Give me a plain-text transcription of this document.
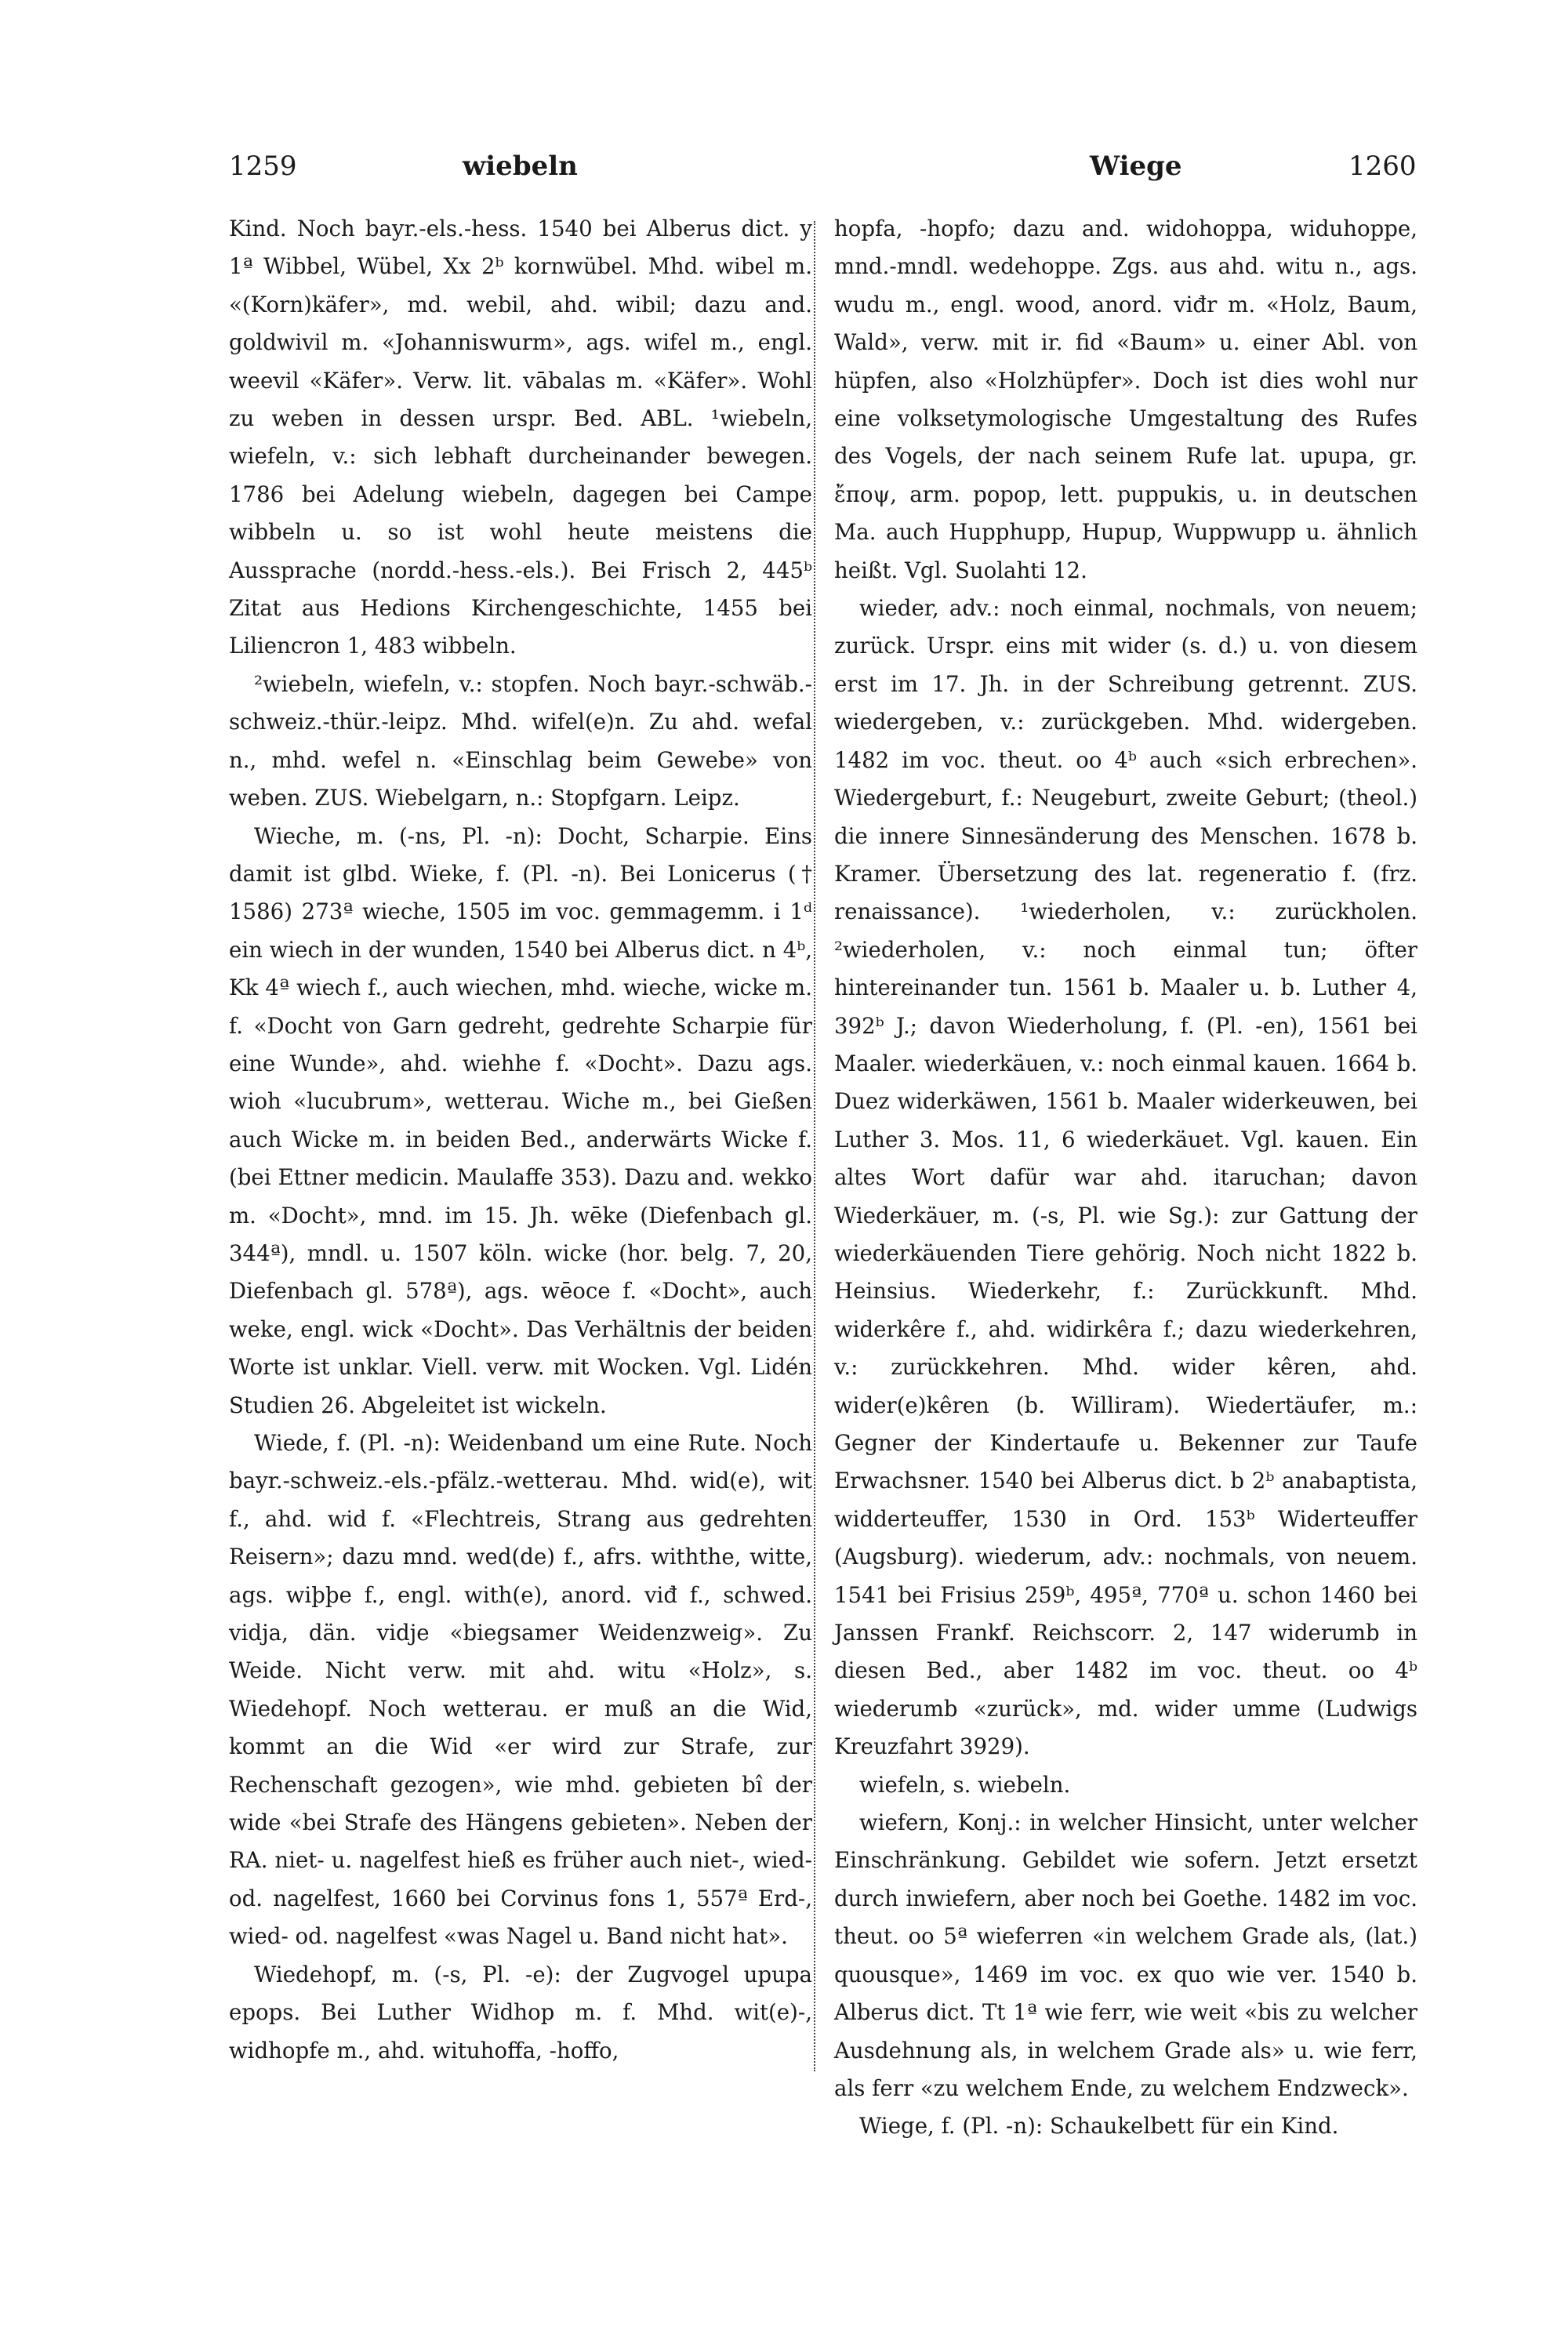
1259	wiebeln	Wiege	1260

Kind. Noch bayr.-els.-hess. 1540 bei Alberus dict. y 1ª Wibbel, Wübel, Xx 2ᵇ kornwübel. Mhd. wibel m. «(Korn)käfer», md. webil, ahd. wibil; dazu and. goldwivil m. «Johanniswurm», ags. wifel m., engl. weevil «Käfer». Verw. lit. vābalas m. «Käfer». Wohl zu weben in dessen urspr. Bed. ABL. ¹wiebeln, wiefeln, v.: sich lebhaft durcheinander bewegen. 1786 bei Adelung wiebeln, dagegen bei Campe wibbeln u. so ist wohl heute meistens die Aussprache (nordd.-hess.-els.). Bei Frisch 2, 445ᵇ Zitat aus Hedions Kirchengeschichte, 1455 bei Liliencron 1, 483 wibbeln.

²wiebeln, wiefeln, v.: stopfen. Noch bayr.-schwäb.-schweiz.-thür.-leipz. Mhd. wifel(e)n. Zu ahd. wefal n., mhd. wefel n. «Einschlag beim Gewebe» von weben. ZUS. Wiebelgarn, n.: Stopfgarn. Leipz.

Wieche, m. (-ns, Pl. -n): Docht, Scharpie. Eins damit ist glbd. Wieke, f. (Pl. -n). Bei Lonicerus († 1586) 273ª wieche, 1505 im voc. gemmagemm. i 1ᵈ ein wiech in der wunden, 1540 bei Alberus dict. n 4ᵇ, Kk 4ª wiech f., auch wiechen, mhd. wieche, wicke m. f. «Docht von Garn gedreht, gedrehte Scharpie für eine Wunde», ahd. wiehhe f. «Docht». Dazu ags. wioh «lucubrum», wetterau. Wiche m., bei Gießen auch Wicke m. in beiden Bed., anderwärts Wicke f. (bei Ettner medicin. Maulaffe 353). Dazu and. wekko m. «Docht», mnd. im 15. Jh. wēke (Diefenbach gl. 344ª), mndl. u. 1507 köln. wicke (hor. belg. 7, 20, Diefenbach gl. 578ª), ags. wēoce f. «Docht», auch weke, engl. wick «Docht». Das Verhältnis der beiden Worte ist unklar. Viell. verw. mit Wocken. Vgl. Lidén Studien 26. Abgeleitet ist wickeln.

Wiede, f. (Pl. -n): Weidenband um eine Rute. Noch bayr.-schweiz.-els.-pfälz.-wetterau. Mhd. wid(e), wit f., ahd. wid f. «Flechtreis, Strang aus gedrehten Reisern»; dazu mnd. wed(de) f., afrs. withthe, witte, ags. wiþþe f., engl. with(e), anord. viđ f., schwed. vidja, dän. vidje «biegsamer Weidenzweig». Zu Weide. Nicht verw. mit ahd. witu «Holz», s. Wiedehopf. Noch wetterau. er muß an die Wid, kommt an die Wid «er wird zur Strafe, zur Rechenschaft gezogen», wie mhd. gebieten bî der wide «bei Strafe des Hängens gebieten». Neben der RA. niet- u. nagelfest hieß es früher auch niet-, wied- od. nagelfest, 1660 bei Corvinus fons 1, 557ª Erd-, wied- od. nagelfest «was Nagel u. Band nicht hat».

Wiedehopf, m. (-s, Pl. -e): der Zugvogel upupa epops. Bei Luther Widhop m. f. Mhd. wit(e)-, widhopfe m., ahd. wituhoffa, -hoffo,

hopfa, -hopfo; dazu and. widohoppa, widuhoppe, mnd.-mndl. wedehoppe. Zgs. aus ahd. witu n., ags. wudu m., engl. wood, anord. viđr m. «Holz, Baum, Wald», verw. mit ir. fid «Baum» u. einer Abl. von hüpfen, also «Holzhüpfer». Doch ist dies wohl nur eine volksetymologische Umgestaltung des Rufes des Vogels, der nach seinem Rufe lat. upupa, gr. ἔποψ, arm. popop, lett. puppukis, u. in deutschen Ma. auch Hupphupp, Hupup, Wuppwupp u. ähnlich heißt. Vgl. Suolahti 12.

wieder, adv.: noch einmal, nochmals, von neuem; zurück. Urspr. eins mit wider (s. d.) u. von diesem erst im 17. Jh. in der Schreibung getrennt. ZUS. wiedergeben, v.: zurückgeben. Mhd. widergeben. 1482 im voc. theut. oo 4ᵇ auch «sich erbrechen». Wiedergeburt, f.: Neugeburt, zweite Geburt; (theol.) die innere Sinnesänderung des Menschen. 1678 b. Kramer. Übersetzung des lat. regeneratio f. (frz. renaissance). ¹wiederholen, v.: zurückholen. ²wiederholen, v.: noch einmal tun; öfter hintereinander tun. 1561 b. Maaler u. b. Luther 4, 392ᵇ J.; davon Wiederholung, f. (Pl. -en), 1561 bei Maaler. wiederkäuen, v.: noch einmal kauen. 1664 b. Duez widerkäwen, 1561 b. Maaler widerkeuwen, bei Luther 3. Mos. 11, 6 wiederkäuet. Vgl. kauen. Ein altes Wort dafür war ahd. itaruchan; davon Wiederkäuer, m. (-s, Pl. wie Sg.): zur Gattung der wiederkäuenden Tiere gehörig. Noch nicht 1822 b. Heinsius. Wiederkehr, f.: Zurückkunft. Mhd. widerkêre f., ahd. widirkêra f.; dazu wiederkehren, v.: zurückkehren. Mhd. wider kêren, ahd. wider(e)kêren (b. Williram). Wiedertäufer, m.: Gegner der Kindertaufe u. Bekenner zur Taufe Erwachsner. 1540 bei Alberus dict. b 2ᵇ anabaptista, widderteuffer, 1530 in Ord. 153ᵇ Widerteuffer (Augsburg). wiederum, adv.: nochmals, von neuem. 1541 bei Frisius 259ᵇ, 495ª, 770ª u. schon 1460 bei Janssen Frankf. Reichscorr. 2, 147 widerumb in diesen Bed., aber 1482 im voc. theut. oo 4ᵇ wiederumb «zurück», md. wider umme (Ludwigs Kreuzfahrt 3929).

wiefeln, s. wiebeln.

wiefern, Konj.: in welcher Hinsicht, unter welcher Einschränkung. Gebildet wie sofern. Jetzt ersetzt durch inwiefern, aber noch bei Goethe. 1482 im voc. theut. oo 5ª wieferren «in welchem Grade als, (lat.) quousque», 1469 im voc. ex quo wie ver. 1540 b. Alberus dict. Tt 1ª wie ferr, wie weit «bis zu welcher Ausdehnung als, in welchem Grade als» u. wie ferr, als ferr «zu welchem Ende, zu welchem Endzweck».

Wiege, f. (Pl. -n): Schaukelbett für ein Kind.
